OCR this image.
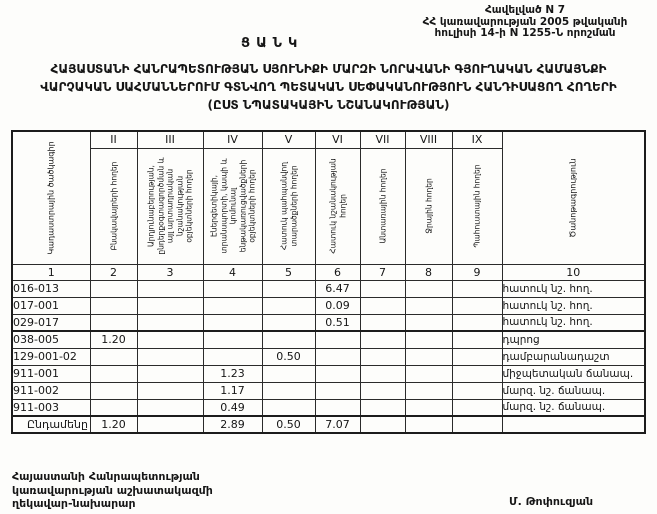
Հավելված N 7
ՀՀ կառավարության 2005 թվականի
հուլիսի 14-ի N 1255-Ն որոշման
ՑԱՆԿ
ՀԱՅԱՍՏԱՆԻ ՀԱՆՐԱՊԵՏՈՒԹՅԱՆ ՍՅՈՒՆԻՔԻ ՄԱՐԶԻ ՆՈՐԱՎԱՆԻ ԳՅՈՒՂԱԿԱՆ ՀԱՄԱՅՆՔԻ
ՎԱՐՉԱԿԱՆ ՍԱՀՄԱՆՆԵՐՈՒՄ ԳՏՆՎՈՂ ՊԵՏԱԿԱՆ ՍԵՓԱԿԱՆՈՒԹՅՈՒՆ ՀԱՆԴԻՍԱՑՈՂ ՀՈՂԵՐԻ
(ԸՍՏ ՆՊԱՏԱԿԱՅԻՆ ՆՇԱՆԱԿՈՒԹՅԱՆ)
Կադաստրային ծածկագիր	II	III	IV	V	VI	VII	VIII	IX	Ծանոթագրություն

	Բնակավայրերի հողեր	Արդյունաբերության, ընդերքօգտագործման և այլ արտադրական նշանակության օբյեկտների հողեր	Էներգետիկայի, տրանսպորտի, կապի և կոմունալ ենթակառուցվածքների օբյեկտների հողեր	Հատուկ պահպանվող տարածքների հողեր	Հատուկ նշանակության հողեր	Անտառային հողեր	Ջրային հողեր	Պահուստային հողեր	

1	2	3	4	5	6	7	8	9	10
016-013					6.47				հատուկ նշ. հող.
017-001					0.09				հատուկ նշ. հող.
029-017					0.51				հատուկ նշ. հող.
038-005	1.20								դպրոց
129-001-02				0.50					դամբարանադաշտ
911-001			1.23						միջպետական ճանապ.
911-002			1.17						մարզ. նշ. ճանապ.
911-003			0.49						մարզ. նշ. ճանապ.
Ընդամենը	1.20		2.89	0.50	7.07				
Հայաստանի Հանրապետության
կառավարության աշխատակազմի
ղեկավար-նախարար	Մ. Թոփուզյան
